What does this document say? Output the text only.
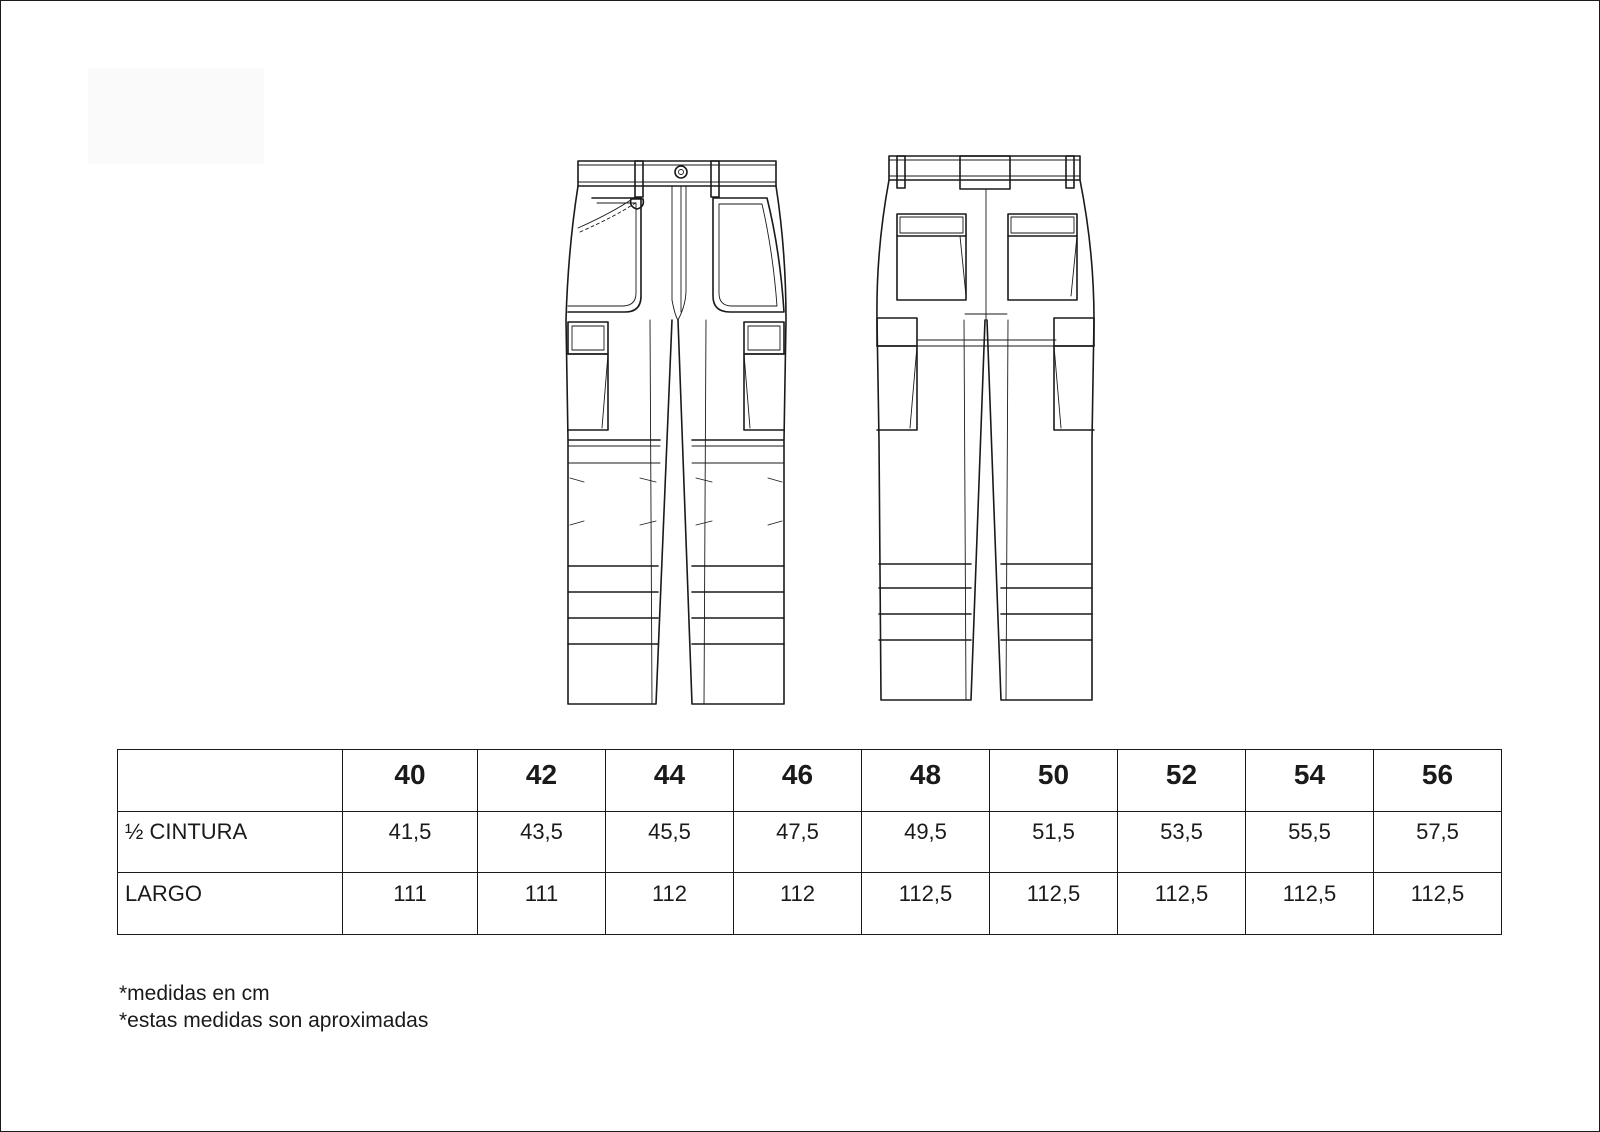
	40	42	44	46	48	50	52	54	56
½ CINTURA	41,5	43,5	45,5	47,5	49,5	51,5	53,5	55,5	57,5
LARGO	111	111	112	112	112,5	112,5	112,5	112,5	112,5
*medidas en cm
*estas medidas son aproximadas
